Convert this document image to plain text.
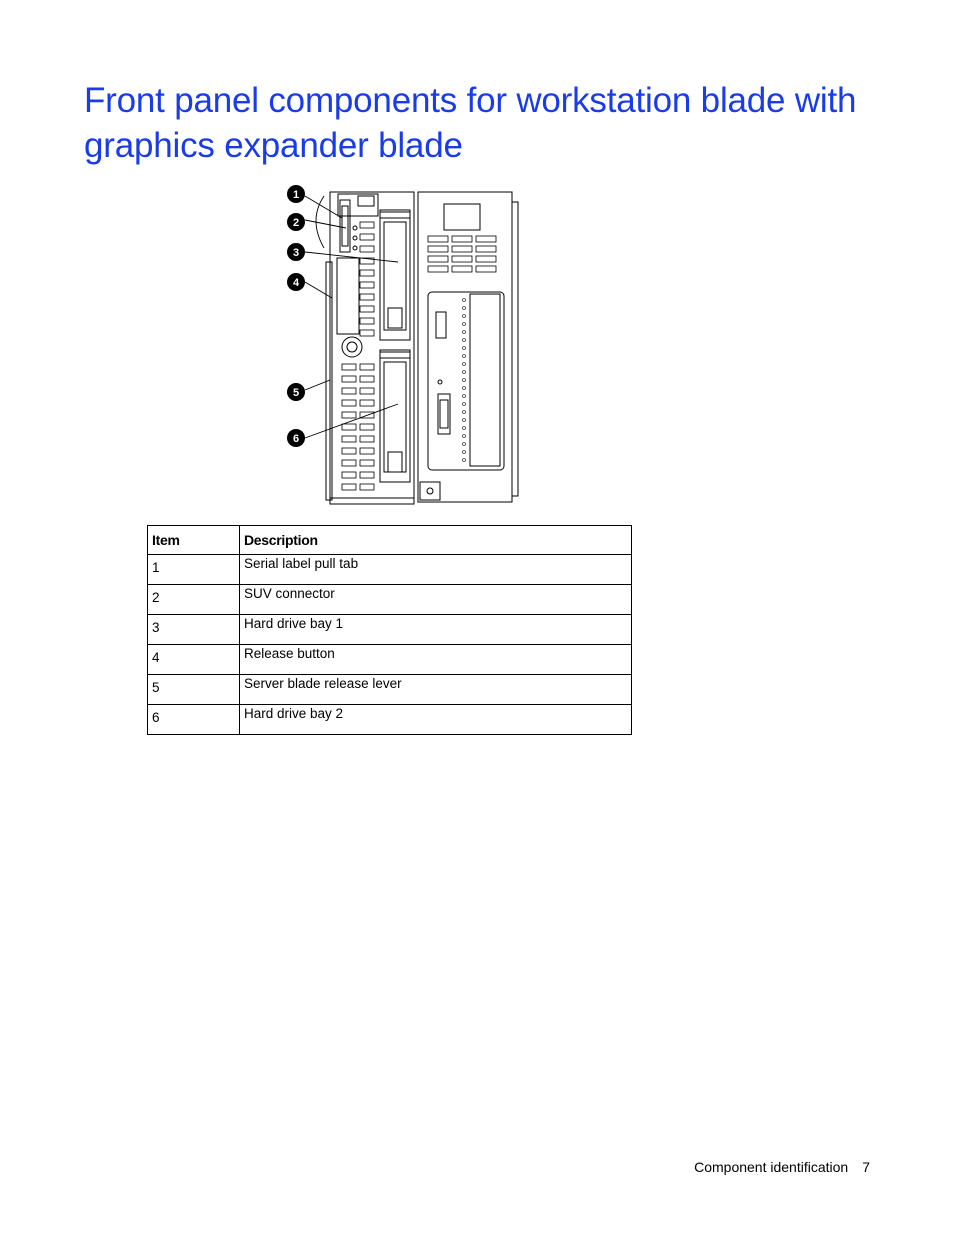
Front panel components for workstation blade with graphics expander blade
1
2
3
4
5
6
Item	Description
1	Serial label pull tab
2	SUV connector
3	Hard drive bay 1
4	Release button
5	Server blade release lever
6	Hard drive bay 2
Component identification 7
